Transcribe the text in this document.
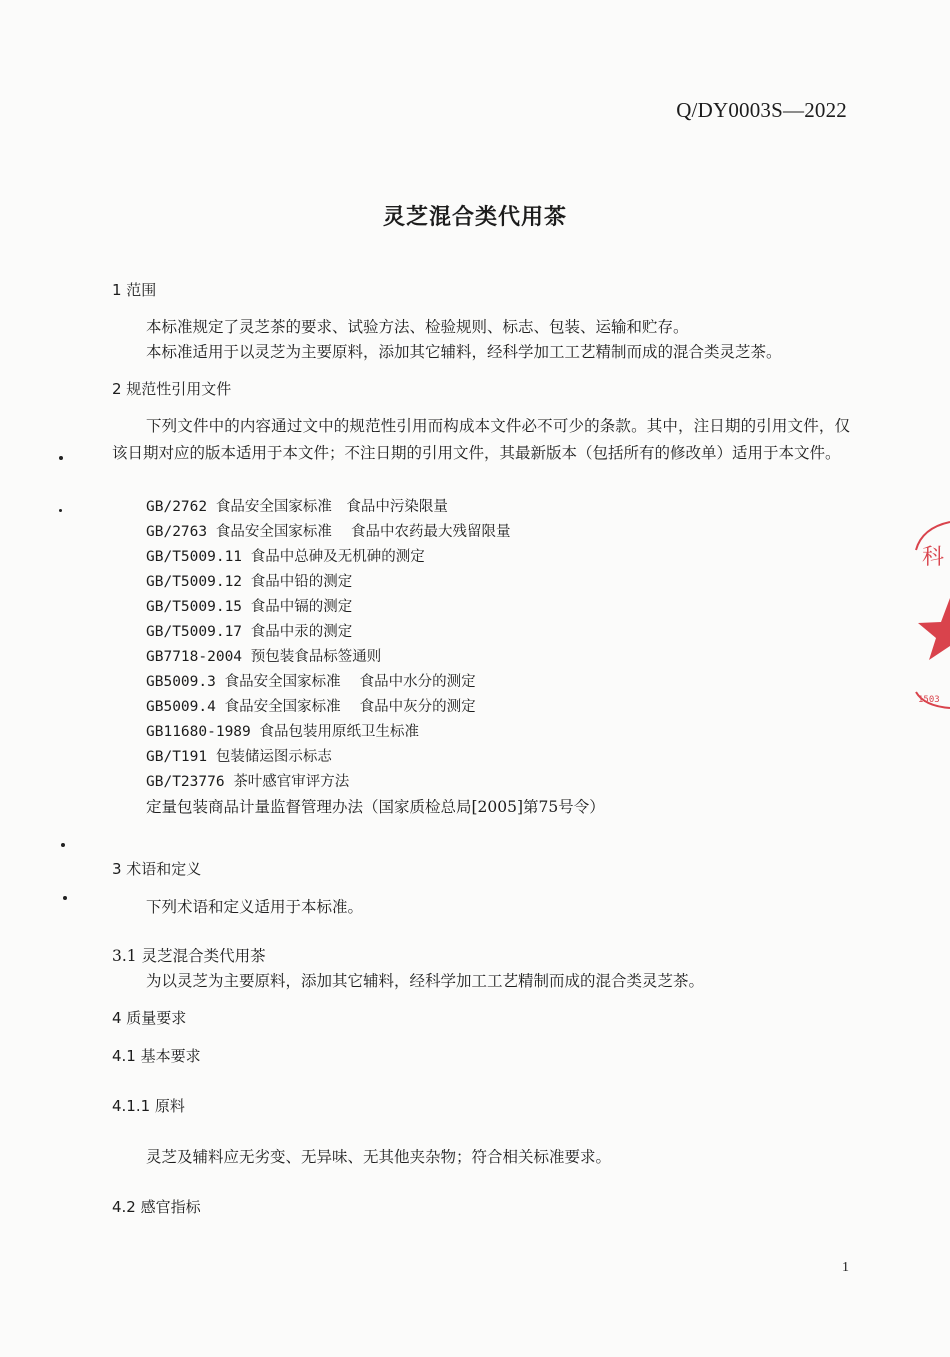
Q/DY0003S—2022
灵芝混合类代用茶
1 范围
本标准规定了灵芝茶的要求、试验方法、检验规则、标志、包装、运输和贮存。
本标准适用于以灵芝为主要原料，添加其它辅料，经科学加工工艺精制而成的混合类灵芝茶。
2 规范性引用文件
下列文件中的内容通过文中的规范性引用而构成本文件必不可少的条款。其中，注日期的引用文件，仅该日期对应的版本适用于本文件；不注日期的引用文件，其最新版本（包括所有的修改单）适用于本文件。
GB/2762 食品安全国家标准　食品中污染限量
GB/2763 食品安全国家标准　 食品中农药最大残留限量
GB/T5009.11 食品中总砷及无机砷的测定
GB/T5009.12 食品中铅的测定
GB/T5009.15 食品中镉的测定
GB/T5009.17 食品中汞的测定
GB7718-2004 预包装食品标签通则
GB5009.3 食品安全国家标准　 食品中水分的测定
GB5009.4 食品安全国家标准　 食品中灰分的测定
GB11680-1989 食品包装用原纸卫生标准
GB/T191 包装储运图示标志
GB/T23776 茶叶感官审评方法
定量包装商品计量监督管理办法（国家质检总局[2005]第75号令）
3 术语和定义
下列术语和定义适用于本标准。
3.1 灵芝混合类代用茶
为以灵芝为主要原料，添加其它辅料，经科学加工工艺精制而成的混合类灵芝茶。
4 质量要求
4.1 基本要求
4.1.1 原料
灵芝及辅料应无劣变、无异味、无其他夹杂物；符合相关标准要求。
4.2 感官指标
1
科
1503
